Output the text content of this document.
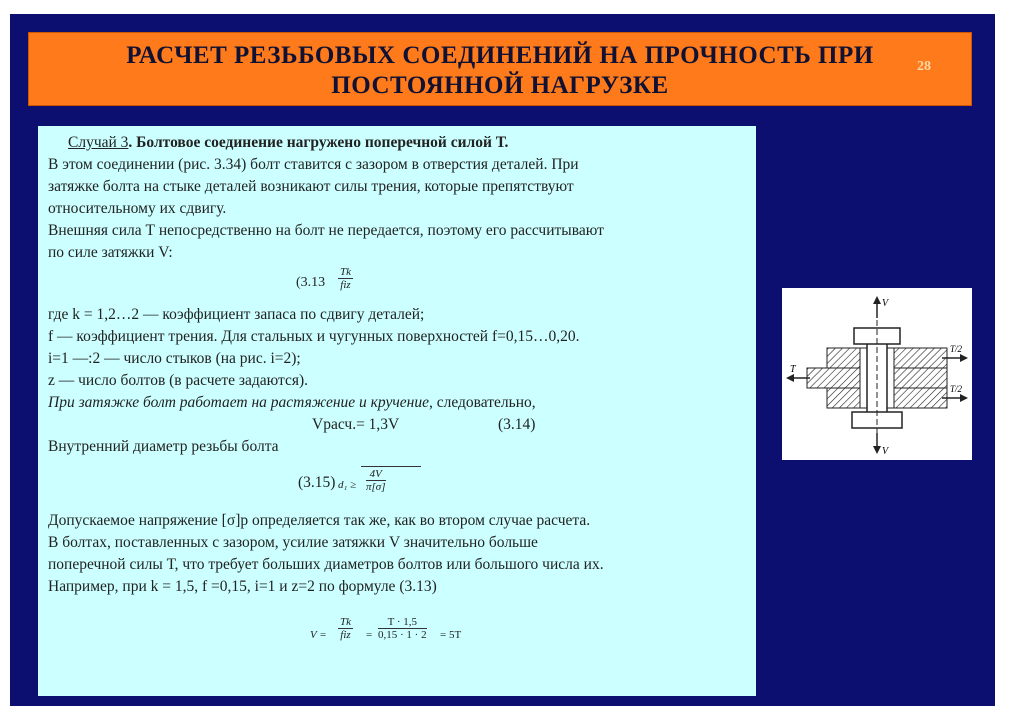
РАСЧЕТ РЕЗЬБОВЫХ СОЕДИНЕНИЙ НА ПРОЧНОСТЬ ПРИ
ПОСТОЯННОЙ НАГРУЗКЕ
28
Случай 3. Болтовое соединение нагружено поперечной силой Т.
В этом соединении (рис. 3.34) болт ставится с зазором в отверстия деталей. При
затяжке болта на стыке деталей возникают силы трения, которые препятствуют
относительному их сдвигу.
Внешняя сила Т непосредственно на болт не передается, поэтому его рассчитывают
по силе затяжки V:
(3.13
Tk
fiz
где k = 1,2…2 — коэффициент запаса по сдвигу деталей;
f — коэффициент трения. Для стальных и чугунных поверхностей f=0,15…0,20.
i=1 —:2 — число стыков (на рис. i=2);
z — число болтов (в расчете задаются).
При затяжке болт работает на растяжение и кручение, следовательно,
Vрасч.= 1,3V	(3.14)
Внутренний диаметр резьбы болта
(3.15) $d_1 \ge \frac{4V}{\pi[\sigma]}$
Допускаемое напряжение [σ]р определяется так же, как во втором случае расчета.
В болтах, поставленных с зазором, усилие затяжки V значительно больше
поперечной силы Т, что требует больших диаметров болтов или большого числа их.
Например, при k = 1,5, f =0,15, i=1 и z=2 по формуле (3.13)
V =
Tk
fiz = $\frac{T \cdot 1,5}{0,15 \cdot 1 \cdot 2} = 5T$
V
V
T
T/2
T/2
